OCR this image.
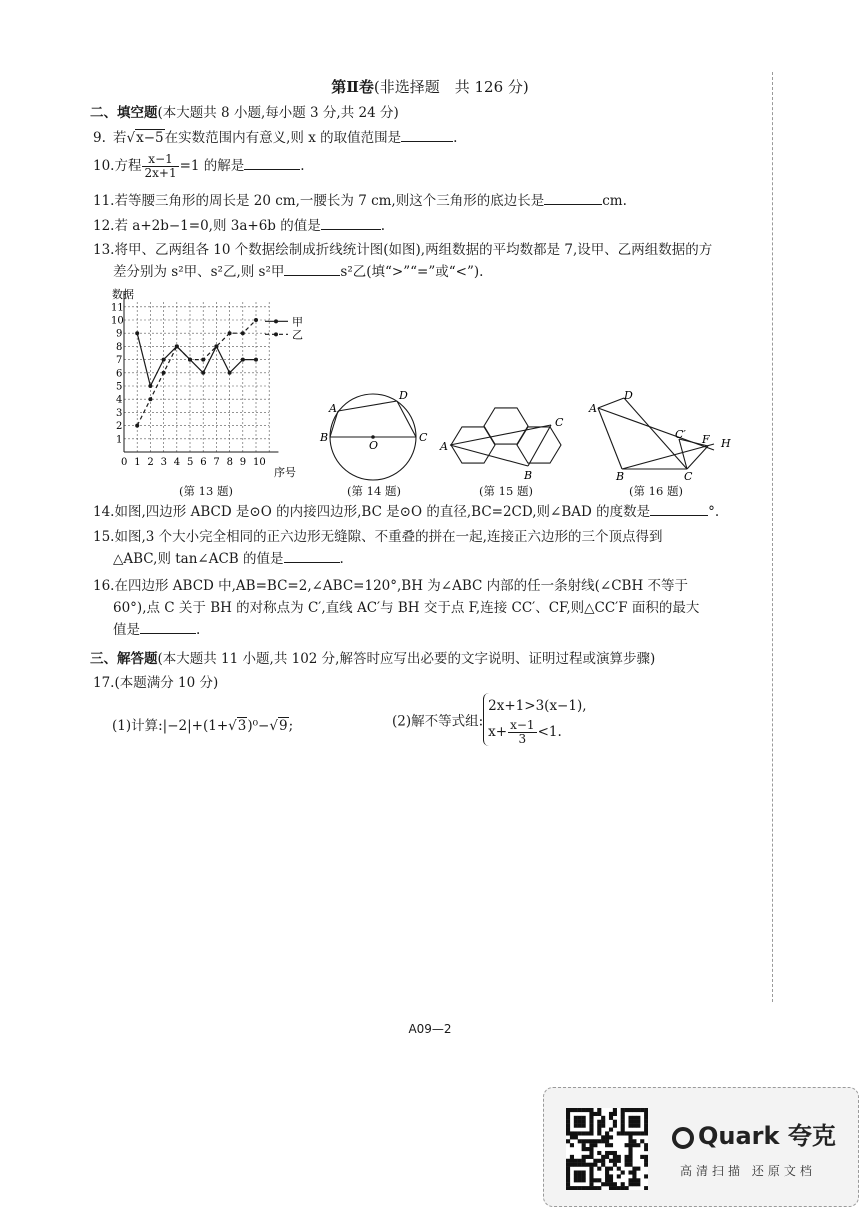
第Ⅱ卷(非选择题　共 126 分)
二、填空题(本大题共 8 小题,每小题 3 分,共 24 分)
9. 若√x−5在实数范围内有意义,则 x 的取值范围是	.
10.方程 $\frac{x-1}{2x+1} =1$ 的解是	.
11.若等腰三角形的周长是 20 cm,一腰长为 7 cm,则这个三角形的底边长是	cm.
12.若 a+2b−1=0,则 3a+6b 的值是	.
13.将甲、乙两组各 10 个数据绘制成折线统计图(如图),两组数据的平均数都是 7,设甲、乙两组数据的方
差分别为 s²甲、s²乙,则 s²甲	s²乙(填“>”“=”或“<”).
0 1 2 3 4 5 6 7 8 9 10
1
2
3
4
5
6
7
8
9
10
11
甲
乙
数据
序号
(第 13 题)
A
D
B	C
O
(第 14 题)
A
C
B
(第 15 题)
A
D
B	C
C′ F H
(第 16 题)
14.如图,四边形 ABCD 是⊙O 的内接四边形,BC 是⊙O 的直径,BC=2CD,则∠BAD 的度数是	°.
15.如图,3 个大小完全相同的正六边形无缝隙、不重叠的拼在一起,连接正六边形的三个顶点得到
△ABC,则 tan∠ACB 的值是	.
16.在四边形 ABCD 中,AB=BC=2,∠ABC=120°,BH 为∠ABC 内部的任一条射线(∠CBH 不等于
60°),点 C 关于 BH 的对称点为 C′,直线 AC′与 BH 交于点 F,连接 CC′、CF,则△CC′F 面积的最大
值是	.
三、解答题(本大题共 11 小题,共 102 分,解答时应写出必要的文字说明、证明过程或演算步骤)
17.(本题满分 10 分)
(1)计算:|−2|+(1+√3)⁰−√9;	(2)解不等式组:2x+1>3(x−1),
$x+ \frac{x-1}{3} <1$.
A09—2
Quark 夸克
高清扫描 还原文档
